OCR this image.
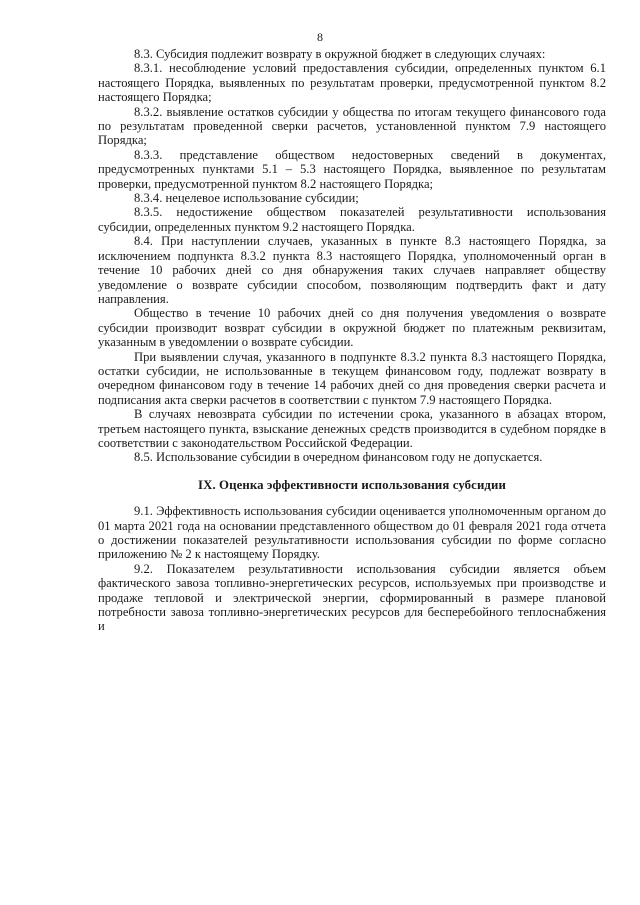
8

8.3. Субсидия подлежит возврату в окружной бюджет в следующих случаях:

8.3.1. несоблюдение условий предоставления субсидии, определенных пунктом 6.1 настоящего Порядка, выявленных по результатам проверки, предусмотренной пунктом 8.2 настоящего Порядка;

8.3.2. выявление остатков субсидии у общества по итогам текущего финансового года по результатам проведенной сверки расчетов, установленной пунктом 7.9 настоящего Порядка;

8.3.3. представление обществом недостоверных сведений в документах, предусмотренных пунктами 5.1 – 5.3 настоящего Порядка, выявленное по результатам проверки, предусмотренной пунктом 8.2 настоящего Порядка;

8.3.4. нецелевое использование субсидии;

8.3.5. недостижение обществом показателей результативности использования субсидии, определенных пунктом 9.2 настоящего Порядка.

8.4. При наступлении случаев, указанных в пункте 8.3 настоящего Порядка, за исключением подпункта 8.3.2 пункта 8.3 настоящего Порядка, уполномоченный орган в течение 10 рабочих дней со дня обнаружения таких случаев направляет обществу уведомление о возврате субсидии способом, позволяющим подтвердить факт и дату направления.

Общество в течение 10 рабочих дней со дня получения уведомления о возврате субсидии производит возврат субсидии в окружной бюджет по платежным реквизитам, указанным в уведомлении о возврате субсидии.

При выявлении случая, указанного в подпункте 8.3.2 пункта 8.3 настоящего Порядка, остатки субсидии, не использованные в текущем финансовом году, подлежат возврату в очередном финансовом году в течение 14 рабочих дней со дня проведения сверки расчета и подписания акта сверки расчетов в соответствии с пунктом 7.9 настоящего Порядка.

В случаях невозврата субсидии по истечении срока, указанного в абзацах втором, третьем настоящего пункта, взыскание денежных средств производится в судебном порядке в соответствии с законодательством Российской Федерации.

8.5. Использование субсидии в очередном финансовом году не допускается.

IX. Оценка эффективности использования субсидии

9.1. Эффективность использования субсидии оценивается уполномоченным органом до 01 марта 2021 года на основании представленного обществом до 01 февраля 2021 года отчета о достижении показателей результативности использования субсидии по форме согласно приложению № 2 к настоящему Порядку.

9.2. Показателем результативности использования субсидии является объем фактического завоза топливно-энергетических ресурсов, используемых при производстве и продаже тепловой и электрической энергии, сформированный в размере плановой потребности завоза топливно-энергетических ресурсов для бесперебойного теплоснабжения и
